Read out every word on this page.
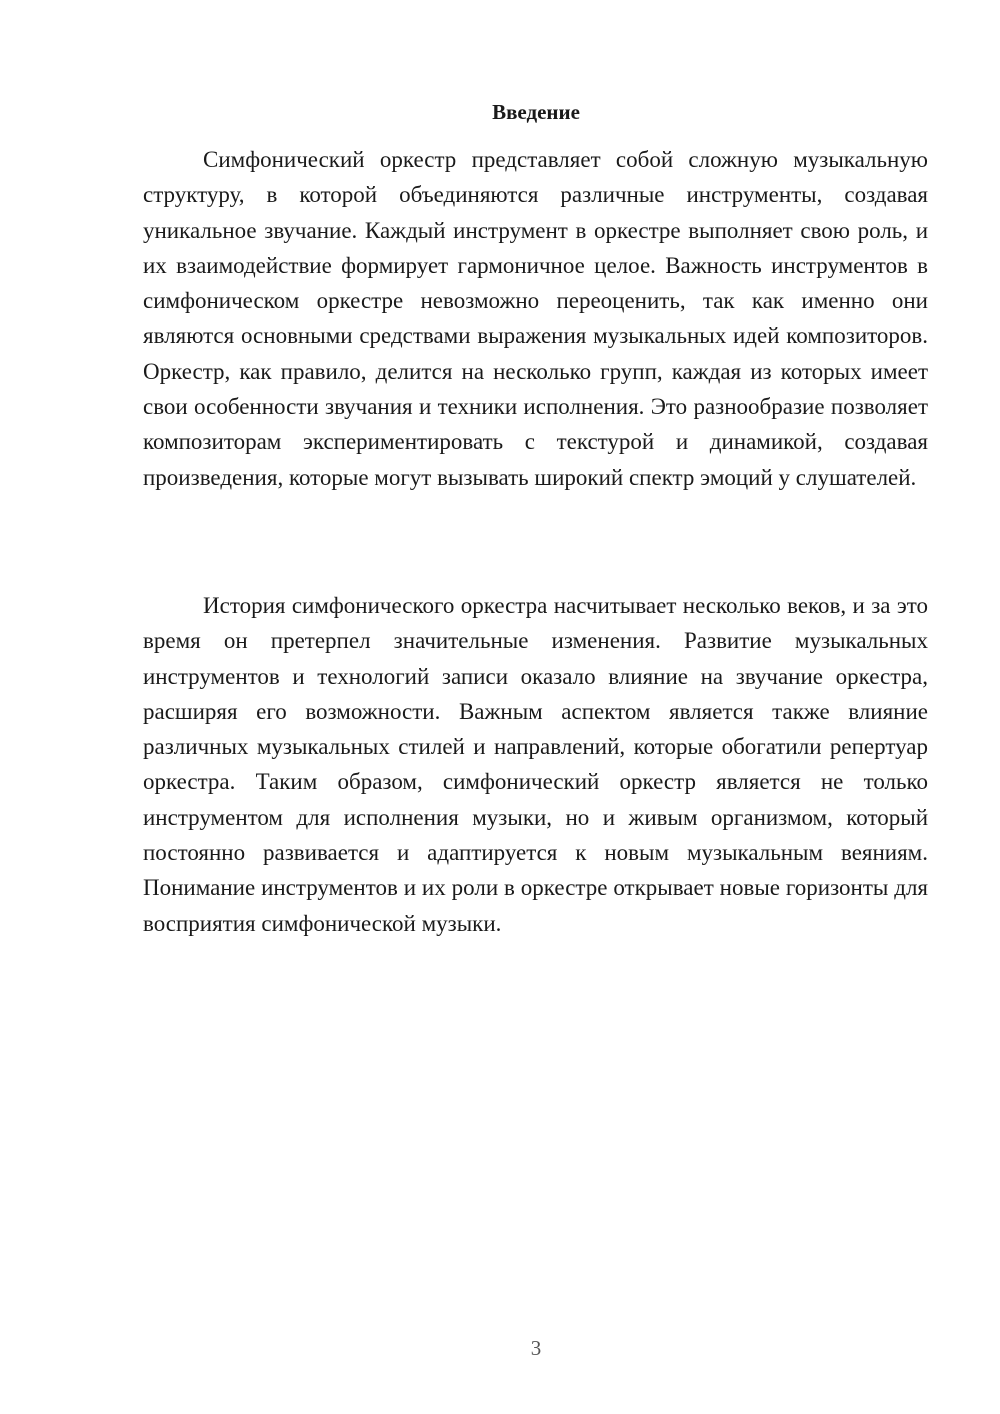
Введение

Симфонический оркестр представляет собой сложную музыкальную структуру, в которой объединяются различные инструменты, создавая уникальное звучание. Каждый инструмент в оркестре выполняет свою роль, и их взаимодействие формирует гармоничное целое. Важность инструментов в симфоническом оркестре невозможно переоценить, так как именно они являются основными средствами выражения музыкальных идей композиторов. Оркестр, как правило, делится на несколько групп, каждая из которых имеет свои особенности звучания и техники исполнения. Это разнообразие позволяет композиторам экспериментировать с текстурой и динамикой, создавая произведения, которые могут вызывать широкий спектр эмоций у слушателей.

История симфонического оркестра насчитывает несколько веков, и за это время он претерпел значительные изменения. Развитие музыкальных инструментов и технологий записи оказало влияние на звучание оркестра, расширяя его возможности. Важным аспектом является также влияние различных музыкальных стилей и направлений, которые обогатили репертуар оркестра. Таким образом, симфонический оркестр является не только инструментом для исполнения музыки, но и живым организмом, который постоянно развивается и адаптируется к новым музыкальным веяниям. Понимание инструментов и их роли в оркестре открывает новые горизонты для восприятия симфонической музыки.

3
